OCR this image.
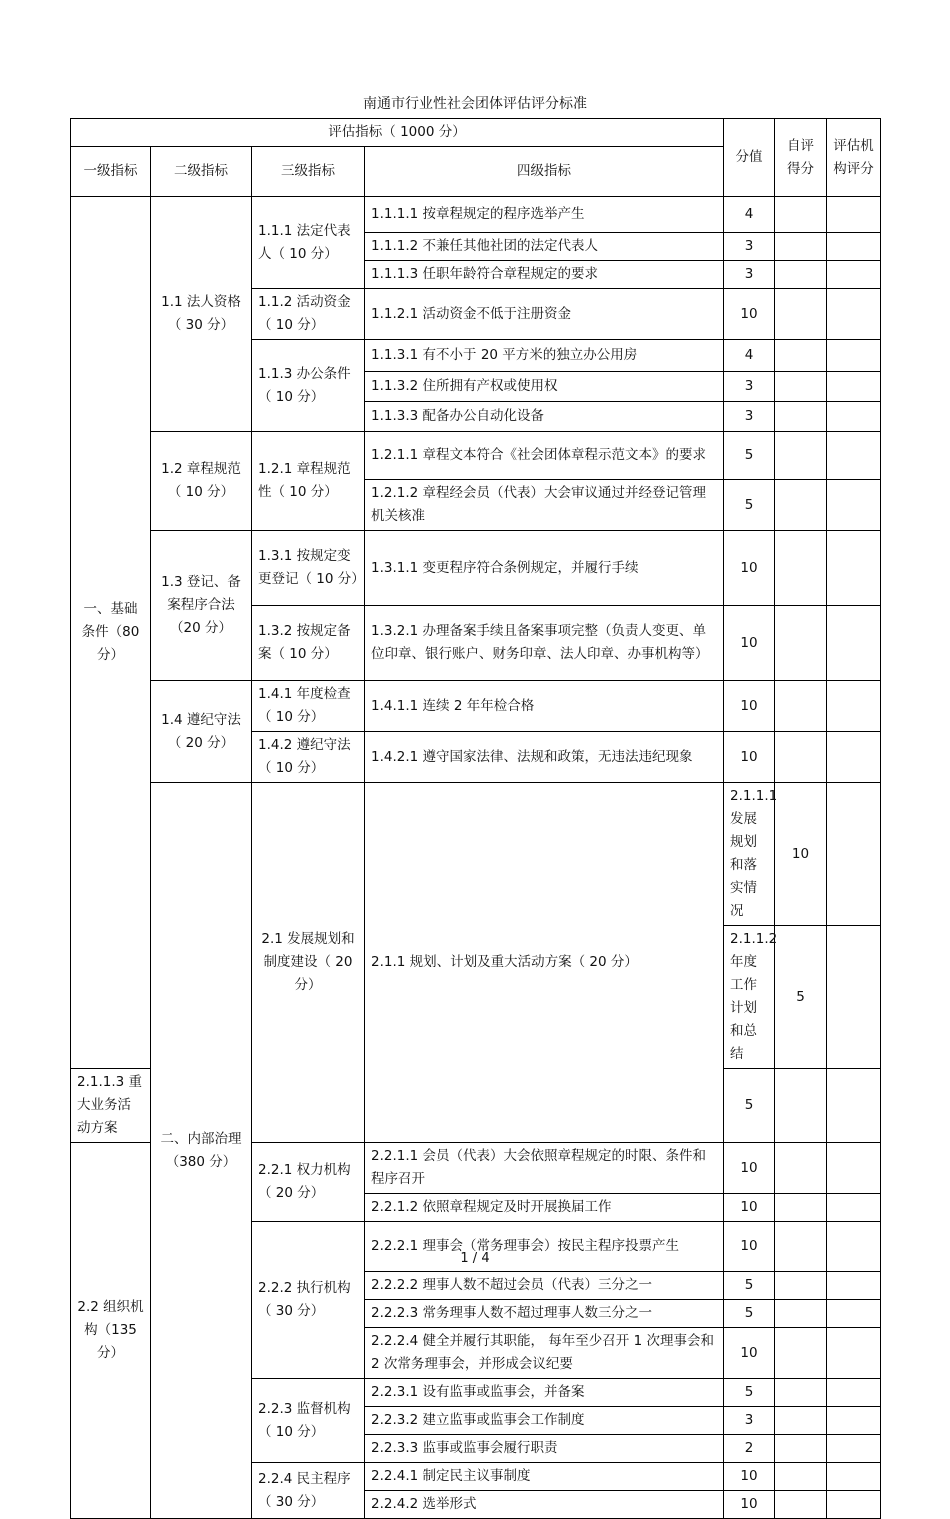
南通市行业性社会团体评估评分标准
评估指标（ 1000 分）				分值	自评得分	评估机构评分	
一级指标	二级指标	三级指标	四级指标				
一、基础条件（80 分）	1.1 法人资格（ 30 分）	1.1.1 法定代表人（ 10 分）	1.1.1.1 按章程规定的程序选举产生	4			
			1.1.1.2 不兼任其他社团的法定代表人	3			
			1.1.1.3 任职年龄符合章程规定的要求	3			
		1.1.2 活动资金（ 10 分）	1.1.2.1 活动资金不低于注册资金	10			
		1.1.3 办公条件（ 10 分）	1.1.3.1 有不小于 20 平方米的独立办公用房	4			
			1.1.3.2 住所拥有产权或使用权	3			
			1.1.3.3 配备办公自动化设备	3			
	1.2 章程规范（ 10 分）	1.2.1 章程规范性（ 10 分）	1.2.1.1 章程文本符合《社会团体章程示范文本》的要求	5			
			1.2.1.2 章程经会员（代表）大会审议通过并经登记管理机关核准	5			
	1.3 登记、备案程序合法（20 分）	1.3.1 按规定变更登记（ 10 分）	1.3.1.1 变更程序符合条例规定，并履行手续	10			
		1.3.2 按规定备案（ 10 分）	1.3.2.1 办理备案手续且备案事项完整（负责人变更、单位印章、银行账户、财务印章、法人印章、办事机构等）	10			
	1.4 遵纪守法（ 20 分）	1.4.1 年度检查（ 10 分）	1.4.1.1 连续 2 年年检合格	10			
		1.4.2 遵纪守法（ 10 分）	1.4.2.1 遵守国家法律、法规和政策，无违法违纪现象	10			
	二、内部治理（380 分）	2.1 发展规划和制度建设（ 20 分）	2.1.1 规划、计划及重大活动方案（ 20 分）	2.1.1.1 发展规划和落实情况	10		
				2.1.1.2 年度工作计划和总结	5		
2.1.1.3 重大业务活动方案				5			
2.2 组织机构（135 分）		2.2.1 权力机构（ 20 分）	2.2.1.1 会员（代表）大会依照章程规定的时限、条件和程序召开	10			
			2.2.1.2 依照章程规定及时开展换届工作	10			
		2.2.2 执行机构（ 30 分）	2.2.2.1 理事会（常务理事会）按民主程序投票产生	10			
			2.2.2.2 理事人数不超过会员（代表）三分之一	5			
			2.2.2.3 常务理事人数不超过理事人数三分之一	5			
			2.2.2.4 健全并履行其职能， 每年至少召开 1 次理事会和 2 次常务理事会，并形成会议纪要	10			
		2.2.3 监督机构（ 10 分）	2.2.3.1 设有监事或监事会，并备案	5			
			2.2.3.2 建立监事或监事会工作制度	3			
			2.2.3.3 监事或监事会履行职责	2			
		2.2.4 民主程序（ 30 分）	2.2.4.1 制定民主议事制度	10			
			2.2.4.2 选举形式	10			
1 / 4
